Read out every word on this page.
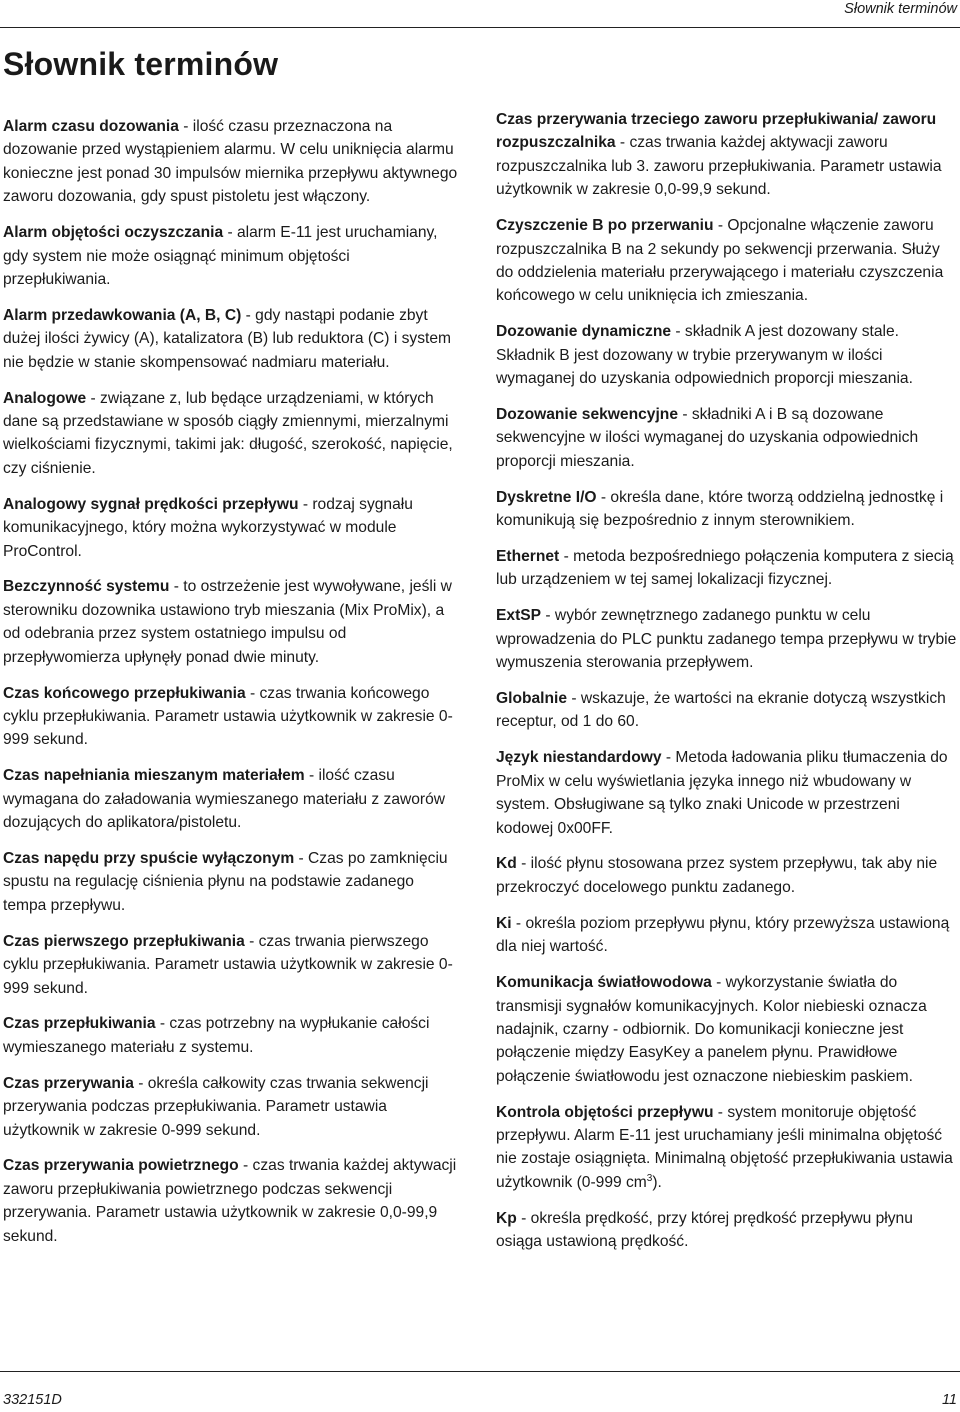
Słownik terminów
Słownik terminów

Alarm czasu dozowania - ilość czasu przeznaczona na dozowanie przed wystąpieniem alarmu. W celu uniknięcia alarmu konieczne jest ponad 30 impulsów miernika przepływu aktywnego zaworu dozowania, gdy spust pistoletu jest włączony.

Alarm objętości oczyszczania - alarm E-11 jest uruchamiany, gdy system nie może osiągnąć minimum objętości przepłukiwania.

Alarm przedawkowania (A, B, C) - gdy nastąpi podanie zbyt dużej ilości żywicy (A), katalizatora (B) lub reduktora (C) i system nie będzie w stanie skompensować nadmiaru materiału.

Analogowe - związane z, lub będące urządzeniami, w których dane są przedstawiane w sposób ciągły zmiennymi, mierzalnymi wielkościami fizycznymi, takimi jak: długość, szerokość, napięcie, czy ciśnienie.

Analogowy sygnał prędkości przepływu - rodzaj sygnału komunikacyjnego, który można wykorzystywać w module ProControl.

Bezczynność systemu - to ostrzeżenie jest wywoływane, jeśli w sterowniku dozownika ustawiono tryb mieszania (Mix ProMix), a od odebrania przez system ostatniego impulsu od przepływomierza upłynęły ponad dwie minuty.

Czas końcowego przepłukiwania - czas trwania końcowego cyklu przepłukiwania. Parametr ustawia użytkownik w zakresie 0-999 sekund.

Czas napełniania mieszanym materiałem - ilość czasu wymagana do załadowania wymieszanego materiału z zaworów dozujących do aplikatora/pistoletu.

Czas napędu przy spuście wyłączonym - Czas po zamknięciu spustu na regulację ciśnienia płynu na podstawie zadanego tempa przepływu.

Czas pierwszego przepłukiwania - czas trwania pierwszego cyklu przepłukiwania. Parametr ustawia użytkownik w zakresie 0-999 sekund.

Czas przepłukiwania - czas potrzebny na wypłukanie całości wymieszanego materiału z systemu.

Czas przerywania - określa całkowity czas trwania sekwencji przerywania podczas przepłukiwania. Parametr ustawia użytkownik w zakresie 0-999 sekund.

Czas przerywania powietrznego - czas trwania każdej aktywacji zaworu przepłukiwania powietrznego podczas sekwencji przerywania. Parametr ustawia użytkownik w zakresie 0,0-99,9 sekund.

Czas przerywania trzeciego zaworu przepłukiwania/ zaworu rozpuszczalnika - czas trwania każdej aktywacji zaworu rozpuszczalnika lub 3. zaworu przepłukiwania. Parametr ustawia użytkownik w zakresie 0,0-99,9 sekund.

Czyszczenie B po przerwaniu - Opcjonalne włączenie zaworu rozpuszczalnika B na 2 sekundy po sekwencji przerwania. Służy do oddzielenia materiału przerywającego i materiału czyszczenia końcowego w celu uniknięcia ich zmieszania.

Dozowanie dynamiczne - składnik A jest dozowany stale. Składnik B jest dozowany w trybie przerywanym w ilości wymaganej do uzyskania odpowiednich proporcji mieszania.

Dozowanie sekwencyjne - składniki A i B są dozowane sekwencyjne w ilości wymaganej do uzyskania odpowiednich proporcji mieszania.

Dyskretne I/O - określa dane, które tworzą oddzielną jednostkę i komunikują się bezpośrednio z innym sterownikiem.

Ethernet - metoda bezpośredniego połączenia komputera z siecią lub urządzeniem w tej samej lokalizacji fizycznej.

ExtSP - wybór zewnętrznego zadanego punktu w celu wprowadzenia do PLC punktu zadanego tempa przepływu w trybie wymuszenia sterowania przepływem.

Globalnie - wskazuje, że wartości na ekranie dotyczą wszystkich receptur, od 1 do 60.

Język niestandardowy - Metoda ładowania pliku tłumaczenia do ProMix w celu wyświetlania języka innego niż wbudowany w system. Obsługiwane są tylko znaki Unicode w przestrzeni kodowej 0x00FF.

Kd - ilość płynu stosowana przez system przepływu, tak aby nie przekroczyć docelowego punktu zadanego.

Ki - określa poziom przepływu płynu, który przewyższa ustawioną dla niej wartość.

Komunikacja światłowodowa - wykorzystanie światła do transmisji sygnałów komunikacyjnych. Kolor niebieski oznacza nadajnik, czarny - odbiornik. Do komunikacji konieczne jest połączenie między EasyKey a panelem płynu. Prawidłowe połączenie światłowodu jest oznaczone niebieskim paskiem.

Kontrola objętości przepływu - system monitoruje objętość przepływu. Alarm E-11 jest uruchamiany jeśli minimalna objętość nie zostaje osiągnięta. Minimalną objętość przepłukiwania ustawia użytkownik (0-999 $cm^3$).

Kp - określa prędkość, przy której prędkość przepływu płynu osiąga ustawioną prędkość.

332151D	11
